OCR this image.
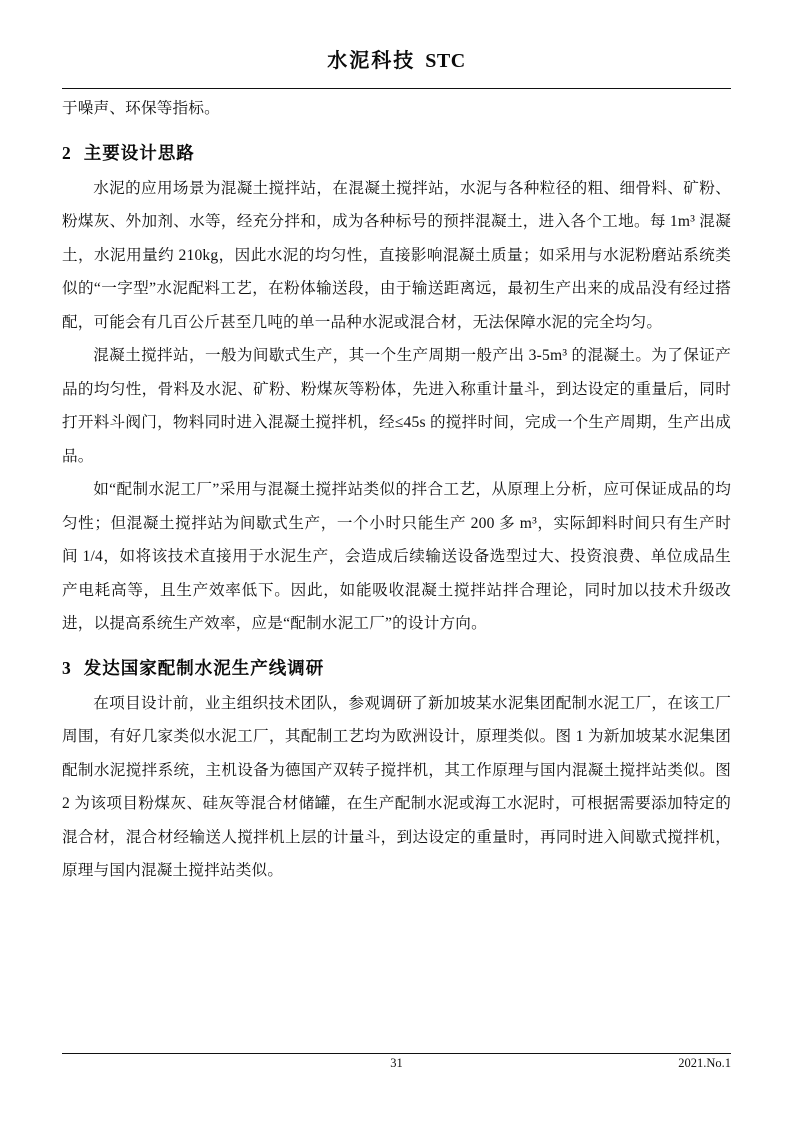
水泥科技 STC

于噪声、环保等指标。

2 主要设计思路

水泥的应用场景为混凝土搅拌站，在混凝土搅拌站，水泥与各种粒径的粗、细骨料、矿粉、粉煤灰、外加剂、水等，经充分拌和，成为各种标号的预拌混凝土，进入各个工地。每 1m³ 混凝土，水泥用量约 210kg，因此水泥的均匀性，直接影响混凝土质量；如采用与水泥粉磨站系统类似的“一字型”水泥配料工艺，在粉体输送段，由于输送距离远，最初生产出来的成品没有经过搭配，可能会有几百公斤甚至几吨的单一品种水泥或混合材，无法保障水泥的完全均匀。

混凝土搅拌站，一般为间歇式生产，其一个生产周期一般产出 3-5m³ 的混凝土。为了保证产品的均匀性，骨料及水泥、矿粉、粉煤灰等粉体，先进入称重计量斗，到达设定的重量后，同时打开料斗阀门，物料同时进入混凝土搅拌机，经≤45s 的搅拌时间，完成一个生产周期，生产出成品。

如“配制水泥工厂”采用与混凝土搅拌站类似的拌合工艺，从原理上分析，应可保证成品的均匀性；但混凝土搅拌站为间歇式生产，一个小时只能生产 200 多 m³，实际卸料时间只有生产时间 1/4，如将该技术直接用于水泥生产，会造成后续输送设备选型过大、投资浪费、单位成品生产电耗高等，且生产效率低下。因此，如能吸收混凝土搅拌站拌合理论，同时加以技术升级改进，以提高系统生产效率，应是“配制水泥工厂”的设计方向。

3 发达国家配制水泥生产线调研

在项目设计前，业主组织技术团队，参观调研了新加坡某水泥集团配制水泥工厂，在该工厂周围，有好几家类似水泥工厂，其配制工艺均为欧洲设计，原理类似。图 1 为新加坡某水泥集团配制水泥搅拌系统，主机设备为德国产双转子搅拌机，其工作原理与国内混凝土搅拌站类似。图 2 为该项目粉煤灰、硅灰等混合材储罐，在生产配制水泥或海工水泥时，可根据需要添加特定的混合材，混合材经输送人搅拌机上层的计量斗，到达设定的重量时，再同时进入间歇式搅拌机，原理与国内混凝土搅拌站类似。

31	2021.No.1
